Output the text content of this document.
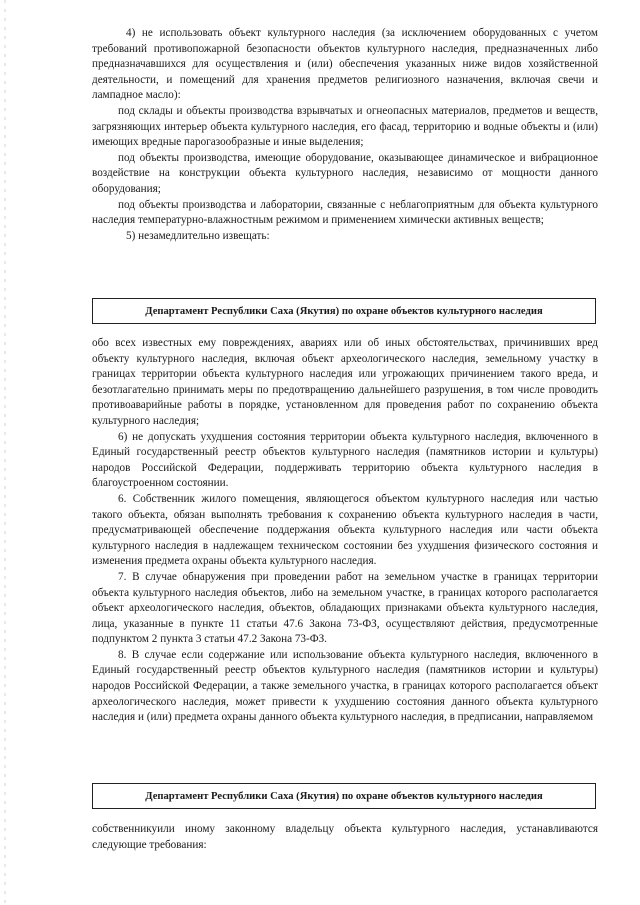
4) не использовать объект культурного наследия (за исключением оборудованных с учетом требований противопожарной безопасности объектов культурного наследия, предназначенных либо предназначавшихся для осуществления и (или) обеспечения указанных ниже видов хозяйственной деятельности, и помещений для хранения предметов религиозного назначения, включая свечи и лампадное масло):

под склады и объекты производства взрывчатых и огнеопасных материалов, предметов и веществ, загрязняющих интерьер объекта культурного наследия, его фасад, территорию и водные объекты и (или) имеющих вредные парогазообразные и иные выделения;

под объекты производства, имеющие оборудование, оказывающее динамическое и вибрационное воздействие на конструкции объекта культурного наследия, независимо от мощности данного оборудования;

под объекты производства и лаборатории, связанные с неблагоприятным для объекта культурного наследия температурно-влажностным режимом и применением химически активных веществ;

5) незамедлительно извещать:

Департамент Республики Саха (Якутия) по охране объектов культурного наследия

обо всех известных ему повреждениях, авариях или об иных обстоятельствах, причинивших вред объекту культурного наследия, включая объект археологического наследия, земельному участку в границах территории объекта культурного наследия или угрожающих причинением такого вреда, и безотлагательно принимать меры по предотвращению дальнейшего разрушения, в том числе проводить противоаварийные работы в порядке, установленном для проведения работ по сохранению объекта культурного наследия;

6) не допускать ухудшения состояния территории объекта культурного наследия, включенного в Единый государственный реестр объектов культурного наследия (памятников истории и культуры) народов Российской Федерации, поддерживать территорию объекта культурного наследия в благоустроенном состоянии.

6. Собственник жилого помещения, являющегося объектом культурного наследия или частью такого объекта, обязан выполнять требования к сохранению объекта культурного наследия в части, предусматривающей обеспечение поддержания объекта культурного наследия или части объекта культурного наследия в надлежащем техническом состоянии без ухудшения физического состояния и изменения предмета охраны объекта культурного наследия.

7. В случае обнаружения при проведении работ на земельном участке в границах территории объекта культурного наследия объектов, либо на земельном участке, в границах которого располагается объект археологического наследия, объектов, обладающих признаками объекта культурного наследия, лица, указанные в пункте 11 статьи 47.6 Закона 73-ФЗ, осуществляют действия, предусмотренные подпунктом 2 пункта 3 статьи 47.2 Закона 73-ФЗ.

8. В случае если содержание или использование объекта культурного наследия, включенного в Единый государственный реестр объектов культурного наследия (памятников истории и культуры) народов Российской Федерации, а также земельного участка, в границах которого располагается объект археологического наследия, может привести к ухудшению состояния данного объекта культурного наследия и (или) предмета охраны данного объекта культурного наследия, в предписании, направляемом

Департамент Республики Саха (Якутия) по охране объектов культурного наследия

собственникуили иному законному владельцу объекта культурного наследия, устанавливаются следующие требования:
